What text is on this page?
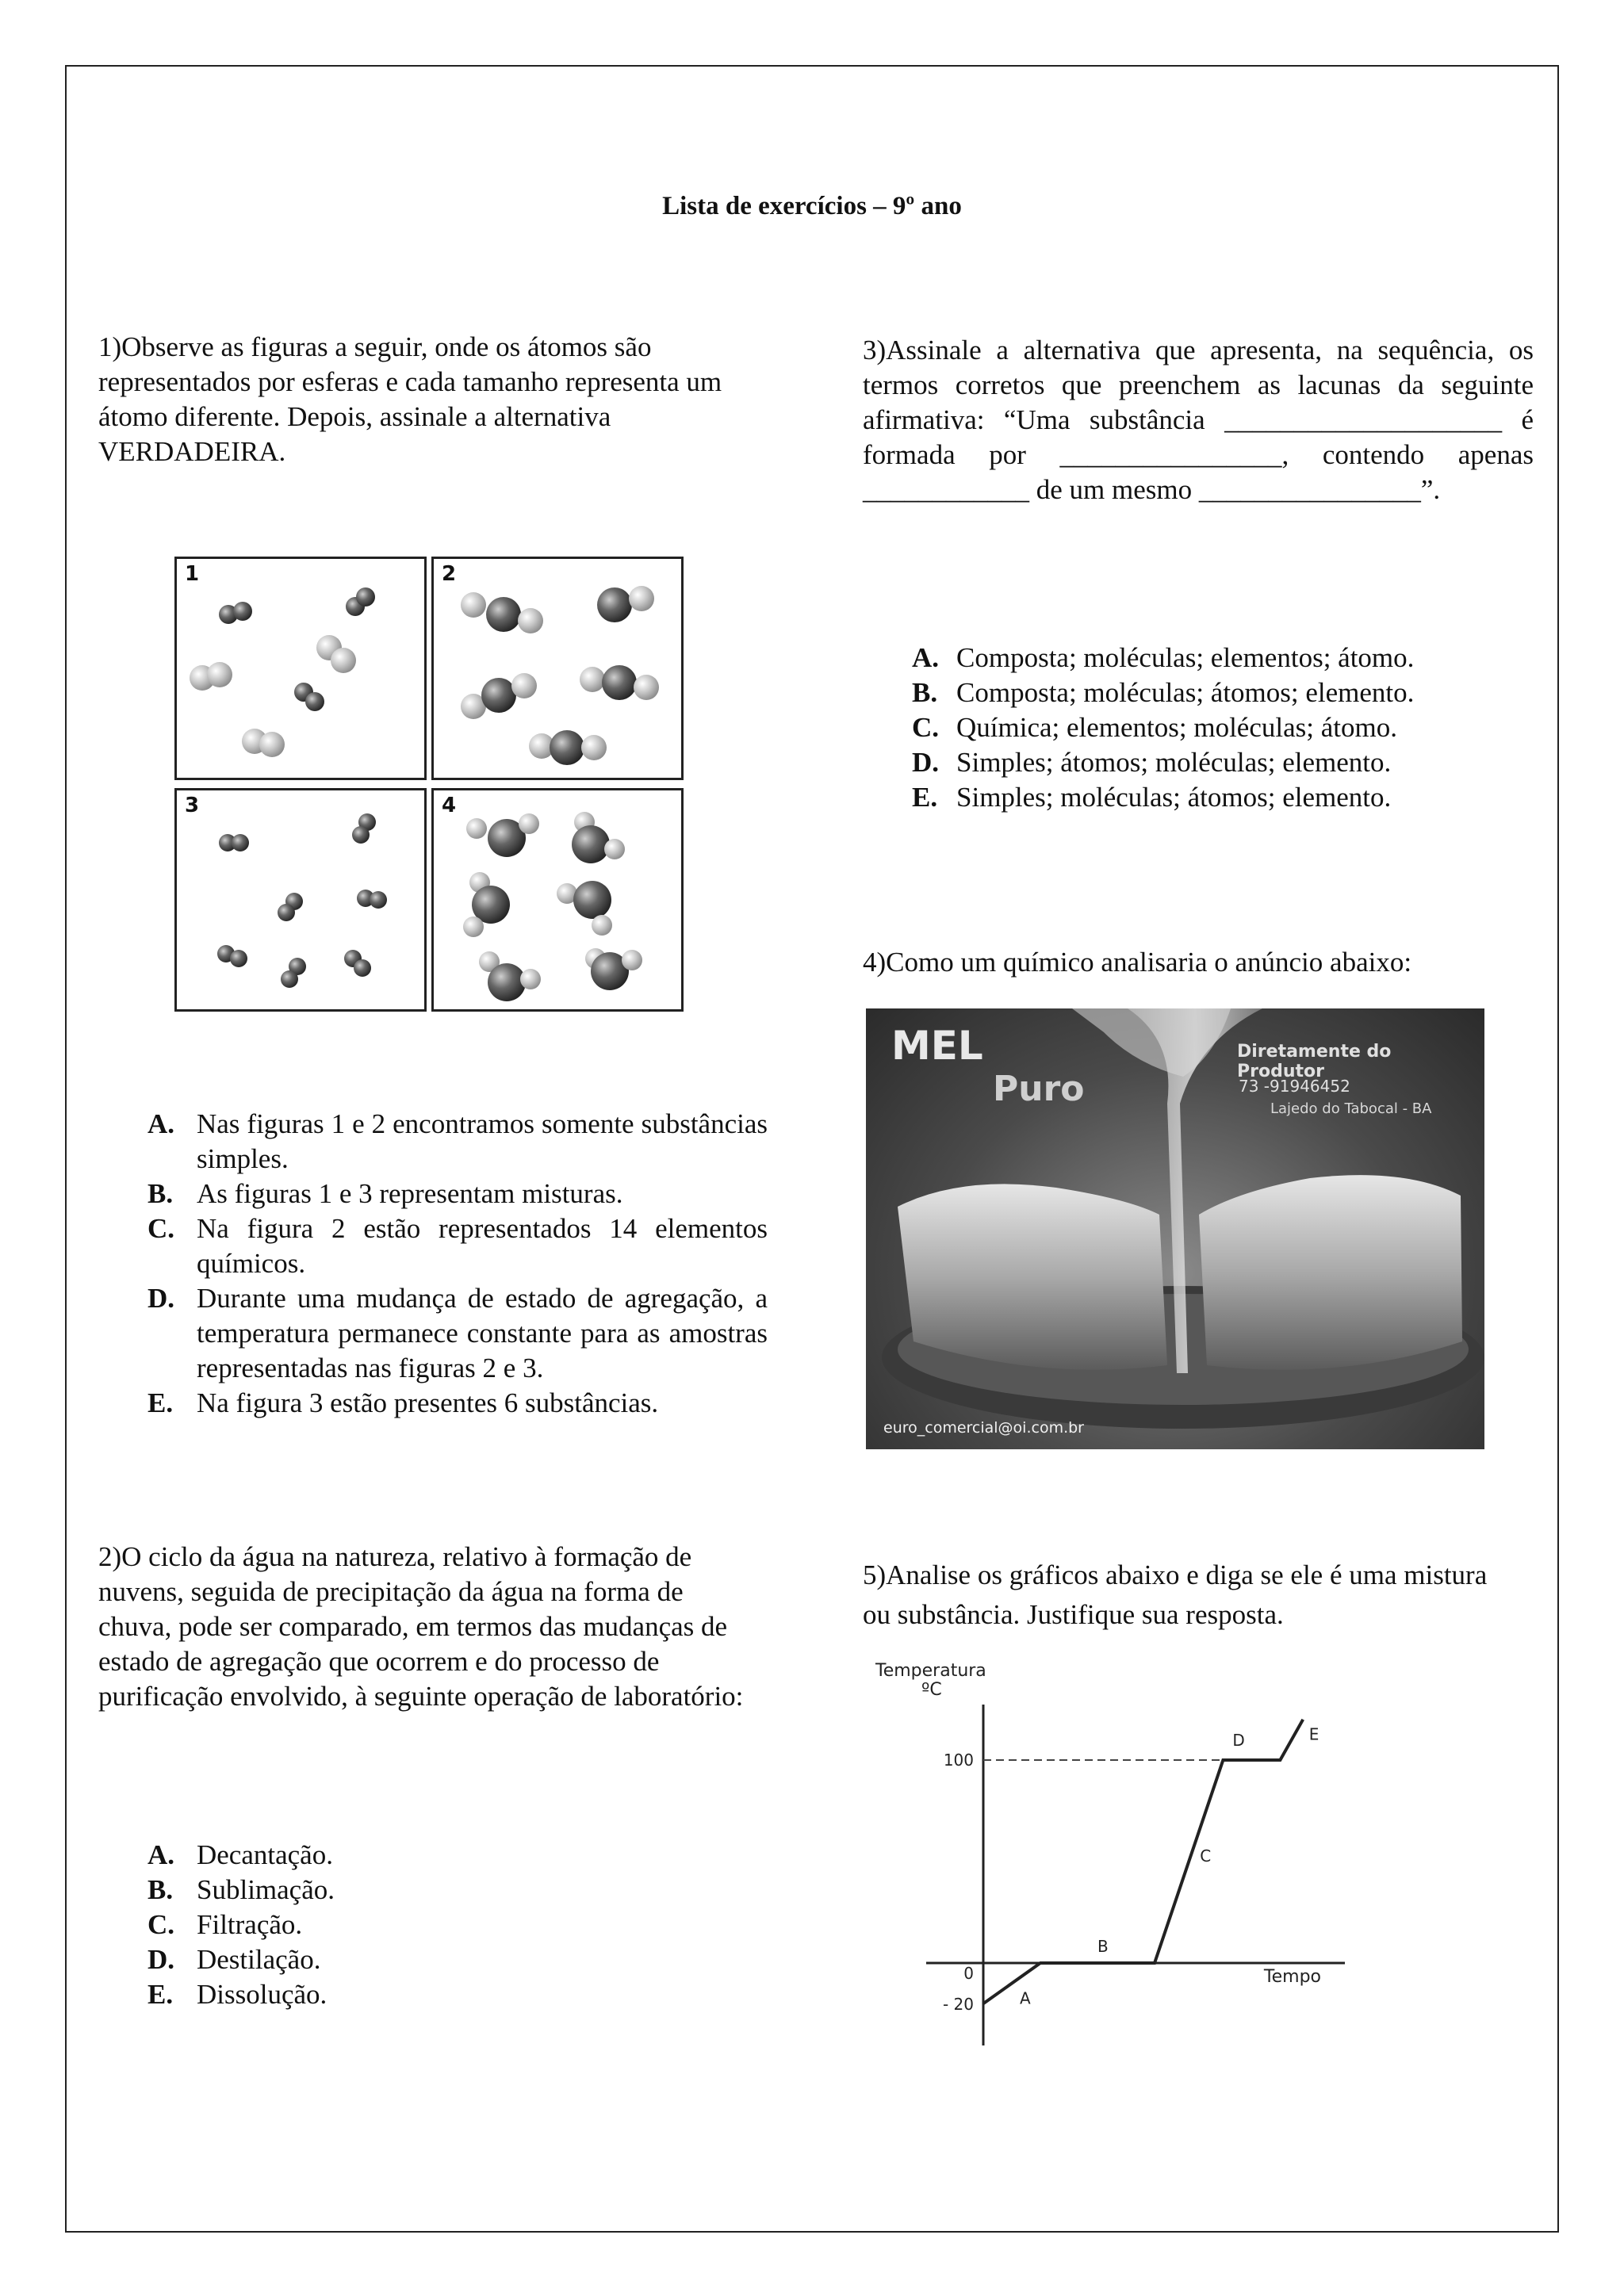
Lista de exercícios – 9º ano

1)Observe as figuras a seguir, onde os átomos são representados por esferas e cada tamanho representa um átomo diferente. Depois, assinale a alternativa VERDADEIRA.

1	2
3	4
A. Nas figuras 1 e 2 encontramos somente substâncias simples.
B. As figuras 1 e 3 representam misturas.
C. Na figura 2 estão representados 14 elementos químicos.
D. Durante uma mudança de estado de agregação, a temperatura permanece constante para as amostras representadas nas figuras 2 e 3.
E. Na figura 3 estão presentes 6 substâncias.

2)O ciclo da água na natureza, relativo à formação de nuvens, seguida de precipitação da água na forma de chuva, pode ser comparado, em termos das mudanças de estado de agregação que ocorrem e do processo de purificação envolvido, à seguinte operação de laboratório:

A. Decantação.
B. Sublimação.
C. Filtração.
D. Destilação.
E. Dissolução.

3)Assinale a alternativa que apresenta, na sequência, os termos corretos que preenchem as lacunas da seguinte afirmativa: “Uma substância ____________________ é formada por ________________, contendo apenas ____________ de um mesmo ________________”.

A. Composta; moléculas; elementos; átomo.
B. Composta; moléculas; átomos; elemento.
C. Química; elementos; moléculas; átomo.
D. Simples; átomos; moléculas; elemento.
E. Simples; moléculas; átomos; elemento.

4)Como um químico analisaria o anúncio abaixo:

MEL
Puro
Diretamente do Produtor
73 -91946452
Lajedo do Tabocal - BA
euro_comercial@oi.com.br

5)Analise os gráficos abaixo e diga se ele é uma mistura ou substância. Justifique sua resposta.

Temperatura
ºC
Tempo
100
0
- 20	A
B
C
D	E
